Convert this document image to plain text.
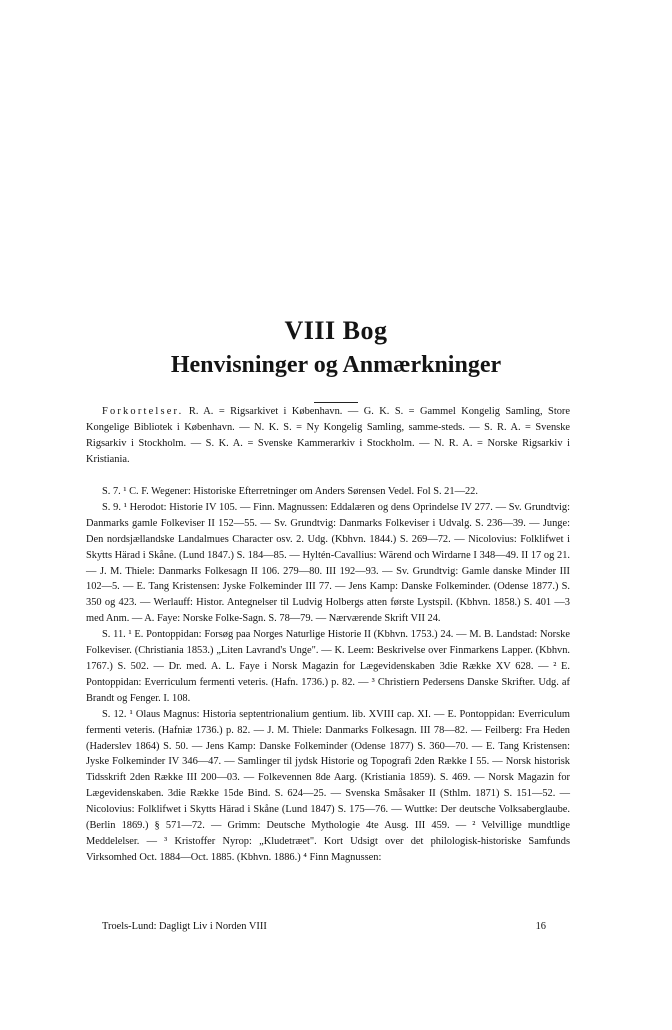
VIII Bog
Henvisninger og Anmærkninger

Forkortelser. R. A. = Rigsarkivet i København. — G. K. S. = Gammel Kongelig Samling, Store Kongelige Bibliotek i København. — N. K. S. = Ny Kongelig Samling, samme-steds. — S. R. A. = Svenske Rigsarkiv i Stockholm. — S. K. A. = Svenske Kammerarkiv i Stockholm. — N. R. A. = Norske Rigsarkiv i Kristiania.

S. 7. ¹ C. F. Wegener: Historiske Efterretninger om Anders Sørensen Vedel. Fol S. 21—22.

S. 9. ¹ Herodot: Historie IV 105. — Finn. Magnussen: Eddalæren og dens Oprindelse IV 277. — Sv. Grundtvig: Danmarks gamle Folkeviser II 152—55. — Sv. Grundtvig: Danmarks Folkeviser i Udvalg. S. 236—39. — Junge: Den nordsjællandske Landalmues Character osv. 2. Udg. (Kbhvn. 1844.) S. 269—72. — Nicolovius: Folklifwet i Skytts Härad i Skåne. (Lund 1847.) S. 184—85. — Hyltén-Cavallius: Wärend och Wirdarne I 348—49. II 17 og 21. — J. M. Thiele: Danmarks Folkesagn II 106. 279—80. III 192—93. — Sv. Grundtvig: Gamle danske Minder III 102—5. — E. Tang Kristensen: Jyske Folkeminder III 77. — Jens Kamp: Danske Folkeminder. (Odense 1877.) S. 350 og 423. — Werlauff: Histor. Antegnelser til Ludvig Holbergs atten første Lystspil. (Kbhvn. 1858.) S. 401 —3 med Anm. — A. Faye: Norske Folke-Sagn. S. 78—79. — Nærværende Skrift VII 24.

S. 11. ¹ E. Pontoppidan: Forsøg paa Norges Naturlige Historie II (Kbhvn. 1753.) 24. — M. B. Landstad: Norske Folkeviser. (Christiania 1853.) „Liten Lavrand's Unge". — K. Leem: Beskrivelse over Finmarkens Lapper. (Kbhvn. 1767.) S. 502. — Dr. med. A. L. Faye i Norsk Magazin for Lægevidenskaben 3die Række XV 628. — ² E. Pontoppidan: Everriculum fermenti veteris. (Hafn. 1736.) p. 82. — ³ Christiern Pedersens Danske Skrifter. Udg. af Brandt og Fenger. I. 108.

S. 12. ¹ Olaus Magnus: Historia septentrionalium gentium. lib. XVIII cap. XI. — E. Pontoppidan: Everriculum fermenti veteris. (Hafniæ 1736.) p. 82. — J. M. Thiele: Danmarks Folkesagn. III 78—82. — Feilberg: Fra Heden (Haderslev 1864) S. 50. — Jens Kamp: Danske Folkeminder (Odense 1877) S. 360—70. — E. Tang Kristensen: Jyske Folkeminder IV 346—47. — Samlinger til jydsk Historie og Topografi 2den Række I 55. — Norsk historisk Tidsskrift 2den Række III 200—03. — Folkevennen 8de Aarg. (Kristiania 1859). S. 469. — Norsk Magazin for Lægevidenskaben. 3die Række 15de Bind. S. 624—25. — Svenska Småsaker II (Sthlm. 1871) S. 151—52. — Nicolovius: Folklifwet i Skytts Härad i Skåne (Lund 1847) S. 175—76. — Wuttke: Der deutsche Volksaberglaube. (Berlin 1869.) § 571—72. — Grimm: Deutsche Mythologie 4te Ausg. III 459. — ² Velvillige mundtlige Meddelelser. — ³ Kristoffer Nyrop: „Kludetræet". Kort Udsigt over det philologisk-historiske Samfunds Virksomhed Oct. 1884—Oct. 1885. (Kbhvn. 1886.) ⁴ Finn Magnussen:

Troels-Lund: Dagligt Liv i Norden VIII	16
